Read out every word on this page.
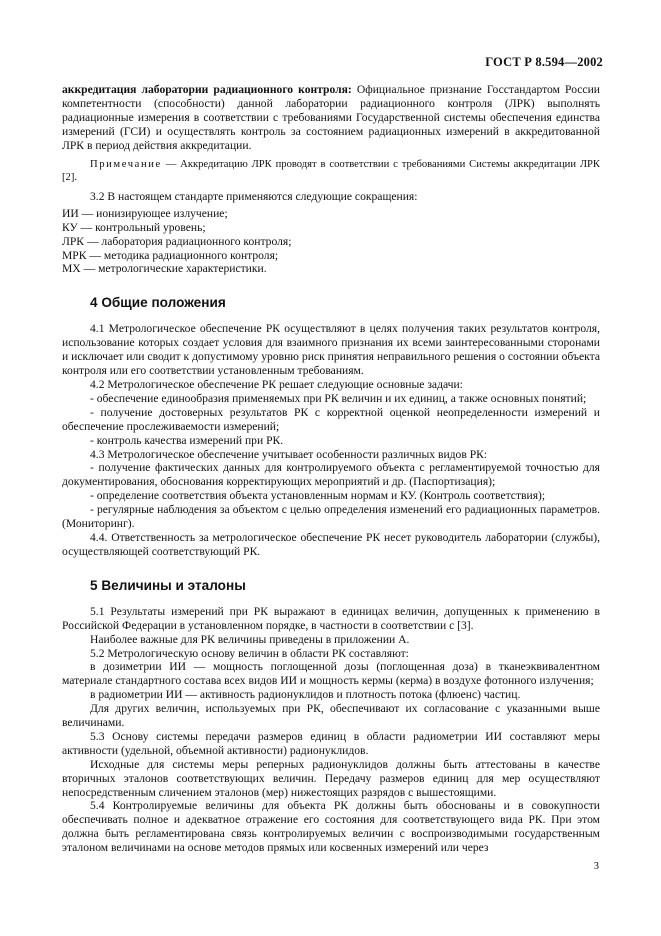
ГОСТ Р 8.594—2002

аккредитация лаборатории радиационного контроля: Официальное признание Госстандартом России компетентности (способности) данной лаборатории радиационного контроля (ЛРК) выполнять радиационные измерения в соответствии с требованиями Государственной системы обеспечения единства измерений (ГСИ) и осуществлять контроль за состоянием радиационных измерений в аккредитованной ЛРК в период действия аккредитации.

Примечание — Аккредитацию ЛРК проводят в соответствии с требованиями Системы аккредитации ЛРК [2].

3.2 В настоящем стандарте применяются следующие сокращения:

ИИ — ионизирующее излучение;

КУ — контрольный уровень;

ЛРК — лаборатория радиационного контроля;

МРК — методика радиационного контроля;

МХ — метрологические характеристики.

4 Общие положения

4.1 Метрологическое обеспечение РК осуществляют в целях получения таких результатов контроля, использование которых создает условия для взаимного признания их всеми заинтересованными сторонами и исключает или сводит к допустимому уровню риск принятия неправильного решения о состоянии объекта контроля или его соответствии установленным требованиям.

4.2 Метрологическое обеспечение РК решает следующие основные задачи:

- обеспечение единообразия применяемых при РК величин и их единиц, а также основных понятий;

- получение достоверных результатов РК с корректной оценкой неопределенности измерений и обеспечение прослеживаемости измерений;

- контроль качества измерений при РК.

4.3 Метрологическое обеспечение учитывает особенности различных видов РК:

- получение фактических данных для контролируемого объекта с регламентируемой точностью для документирования, обоснования корректирующих мероприятий и др. (Паспортизация);

- определение соответствия объекта установленным нормам и КУ. (Контроль соответствия);

- регулярные наблюдения за объектом с целью определения изменений его радиационных параметров. (Мониторинг).

4.4. Ответственность за метрологическое обеспечение РК несет руководитель лаборатории (службы), осуществляющей соответствующий РК.

5 Величины и эталоны

5.1 Результаты измерений при РК выражают в единицах величин, допущенных к применению в Российской Федерации в установленном порядке, в частности в соответствии с [3].

Наиболее важные для РК величины приведены в приложении А.

5.2 Метрологическую основу величин в области РК составляют:

в дозиметрии ИИ — мощность поглощенной дозы (поглощенная доза) в тканеэквивалентном материале стандартного состава всех видов ИИ и мощность кермы (керма) в воздухе фотонного излучения;

в радиометрии ИИ — активность радионуклидов и плотность потока (флюенс) частиц.

Для других величин, используемых при РК, обеспечивают их согласование с указанными выше величинами.

5.3 Основу системы передачи размеров единиц в области радиометрии ИИ составляют меры активности (удельной, объемной активности) радионуклидов.

Исходные для системы меры реперных радионуклидов должны быть аттестованы в качестве вторичных эталонов соответствующих величин. Передачу размеров единиц для мер осуществляют непосредственным сличением эталонов (мер) нижестоящих разрядов с вышестоящими.

5.4 Контролируемые величины для объекта РК должны быть обоснованы и в совокупности обеспечивать полное и адекватное отражение его состояния для соответствующего вида РК. При этом должна быть регламентирована связь контролируемых величин с воспроизводимыми государственным эталоном величинами на основе методов прямых или косвенных измерений или через

3
